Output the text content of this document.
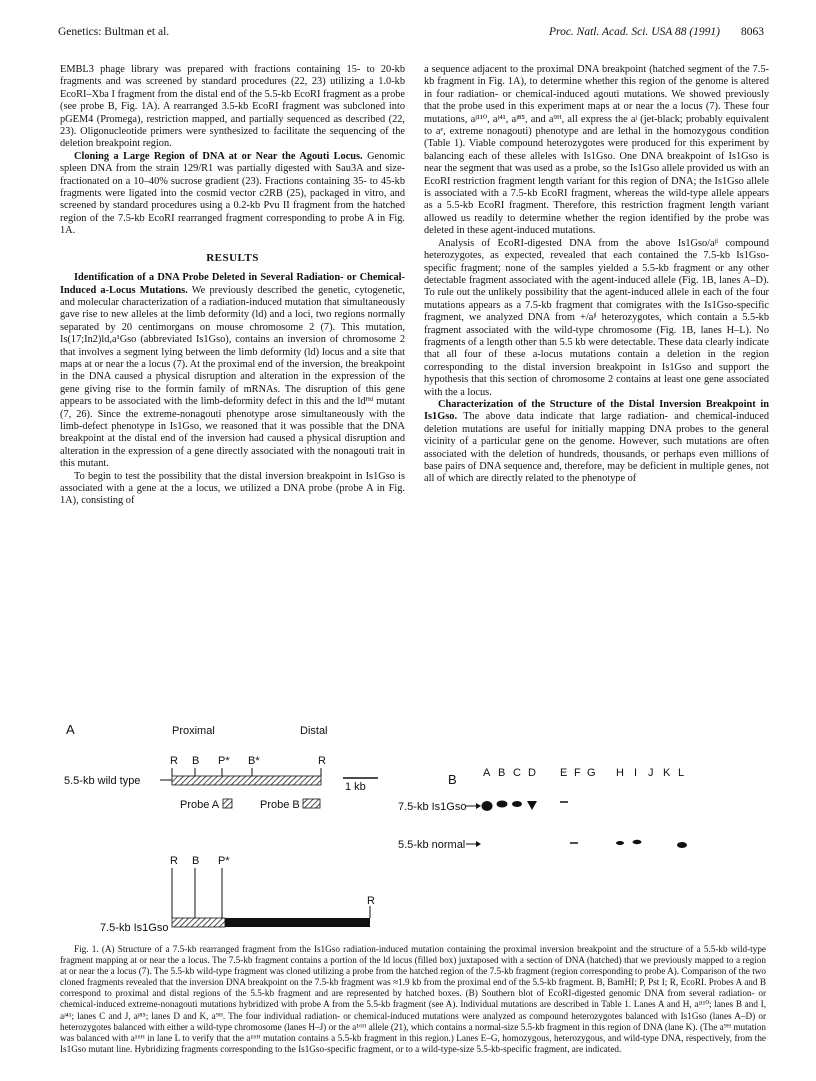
Genetics: Bultman et al.	Proc. Natl. Acad. Sci. USA 88 (1991) 8063

EMBL3 phage library was prepared with fractions containing 15- to 20-kb fragments and was screened by standard procedures (22, 23) utilizing a 1.0-kb EcoRI–Xba I fragment from the distal end of the 5.5-kb EcoRI fragment as a probe (see probe B, Fig. 1A). A rearranged 3.5-kb EcoRI fragment was subcloned into pGEM4 (Promega), restriction mapped, and partially sequenced as described (22, 23). Oligonucleotide primers were synthesized to facilitate the sequencing of the deletion breakpoint region.

Cloning a Large Region of DNA at or Near the Agouti Locus. Genomic spleen DNA from the strain 129/R1 was partially digested with Sau3A and size-fractionated on a 10–40% sucrose gradient (23). Fractions containing 35- to 45-kb fragments were ligated into the cosmid vector c2RB (25), packaged in vitro, and screened by standard procedures using a 0.2-kb Pvu II fragment from the hatched region of the 7.5-kb EcoRI rearranged fragment corresponding to probe A in Fig. 1A.

RESULTS

Identification of a DNA Probe Deleted in Several Radiation- or Chemical-Induced a-Locus Mutations. We previously described the genetic, cytogenetic, and molecular characterization of a radiation-induced mutation that simultaneously gave rise to new alleles at the limb deformity (ld) and a loci, two regions normally separated by 20 centimorgans on mouse chromosome 2 (7). This mutation, Is(17;In2)ld,a¹Gso (abbreviated Is1Gso), contains an inversion of chromosome 2 that involves a segment lying between the limb deformity (ld) locus and a site that maps at or near the a locus (7). At the proximal end of the inversion, the breakpoint in the DNA caused a physical disruption and alteration in the expression of the gene giving rise to the formin family of mRNAs. The disruption of this gene appears to be associated with the limb-deformity defect in this and the ldᴴᵈ mutant (7, 26). Since the extreme-nonagouti phenotype arose simultaneously with the limb-defect phenotype in Is1Gso, we reasoned that it was possible that the DNA breakpoint at the distal end of the inversion had caused a physical disruption and alteration in the expression of a gene directly associated with the nonagouti trait in this mutant.

To begin to test the possibility that the distal inversion breakpoint in Is1Gso is associated with a gene at the a locus, we utilized a DNA probe (probe A in Fig. 1A), consisting of

a sequence adjacent to the proximal DNA breakpoint (hatched segment of the 7.5-kb fragment in Fig. 1A), to determine whether this region of the genome is altered in four radiation- or chemical-induced agouti mutations. We showed previously that the probe used in this experiment maps at or near the a locus (7). These four mutations, aʲ¹¹⁰, aʲ⁴¹, aʲ⁸⁵, and a⁹ᴴ, all express the aʲ (jet-black; probably equivalent to aᵉ, extreme nonagouti) phenotype and are lethal in the homozygous condition (Table 1). Viable compound heterozygotes were produced for this experiment by balancing each of these alleles with Is1Gso. One DNA breakpoint of Is1Gso is near the segment that was used as a probe, so the Is1Gso allele provided us with an EcoRI restriction fragment length variant for this region of DNA; the Is1Gso allele is associated with a 7.5-kb EcoRI fragment, whereas the wild-type allele appears as a 5.5-kb EcoRI fragment. Therefore, this restriction fragment length variant allowed us readily to determine whether the region identified by the probe was deleted in these agent-induced mutations.

Analysis of EcoRI-digested DNA from the above Is1Gso/aʲˡ compound heterozygotes, as expected, revealed that each contained the 7.5-kb Is1Gso-specific fragment; none of the samples yielded a 5.5-kb fragment or any other detectable fragment associated with the agent-induced allele (Fig. 1B, lanes A–D). To rule out the unlikely possibility that the agent-induced allele in each of the four mutations appears as a 7.5-kb fragment that comigrates with the Is1Gso-specific fragment, we analyzed DNA from +/aʲˡ heterozygotes, which contain a 5.5-kb fragment associated with the wild-type chromosome (Fig. 1B, lanes H–L). No fragments of a length other than 5.5 kb were detectable. These data clearly indicate that all four of these a-locus mutations contain a deletion in the region corresponding to the distal inversion breakpoint in Is1Gso and support the hypothesis that this section of chromosome 2 contains at least one gene associated with the a locus.

Characterization of the Structure of the Distal Inversion Breakpoint in Is1Gso. The above data indicate that large radiation- and chemical-induced deletion mutations are useful for initially mapping DNA probes to the general vicinity of a particular gene on the genome. However, such mutations are often associated with the deletion of hundreds, thousands, or perhaps even millions of base pairs of DNA sequence and, therefore, may be deficient in multiple genes, not all of which are directly related to the phenotype of

A	Proximal	Distal
R B P* B*	R
5.5-kb wild type	1 kb
Probe A	Probe B
R B P*
R
7.5-kb Is1Gso
B A B C D E F G H I J K L
7.5-kb Is1Gso
5.5-kb normal

Fig. 1. (A) Structure of a 7.5-kb rearranged fragment from the Is1Gso radiation-induced mutation containing the proximal inversion breakpoint and the structure of a 5.5-kb wild-type fragment mapping at or near the a locus. The 7.5-kb fragment contains a portion of the ld locus (filled box) juxtaposed with a section of DNA (hatched) that we previously mapped to a region at or near the a locus (7). The 5.5-kb wild-type fragment was cloned utilizing a probe from the hatched region of the 7.5-kb fragment (region corresponding to probe A). Comparison of the two cloned fragments revealed that the inversion DNA breakpoint on the 7.5-kb fragment was ≈1.9 kb from the proximal end of the 5.5-kb fragment. B, BamHI; P, Pst I; R, EcoRI. Probes A and B correspond to proximal and distal regions of the 5.5-kb fragment and are represented by hatched boxes. (B) Southern blot of EcoRI-digested genomic DNA from several radiation- or chemical-induced extreme-nonagouti mutations hybridized with probe A from the 5.5-kb fragment (see A). Individual mutations are described in Table 1. Lanes A and H, aʲ¹¹⁰; lanes B and I, aʲ⁴¹; lanes C and J, aʲ⁸⁵; lanes D and K, a⁹ᴴ. The four individual radiation- or chemical-induced mutations were analyzed as compound heterozygotes balanced with Is1Gso (lanes A–D) or heterozygotes balanced with either a wild-type chromosome (lanes H–J) or the a¹⁶ᴴ allele (21), which contains a normal-size 5.5-kb fragment in this region of DNA (lane K). (The a⁹ᴴ mutation was balanced with a¹⁶ᴴ in lane L to verify that the a¹⁶ᴴ mutation contains a 5.5-kb fragment in this region.) Lanes E–G, homozygous, heterozygous, and wild-type DNA, respectively, from the Is1Gso mutant line. Hybridizing fragments corresponding to the Is1Gso-specific fragment, or to a wild-type-size 5.5-kb-specific fragment, are indicated.
